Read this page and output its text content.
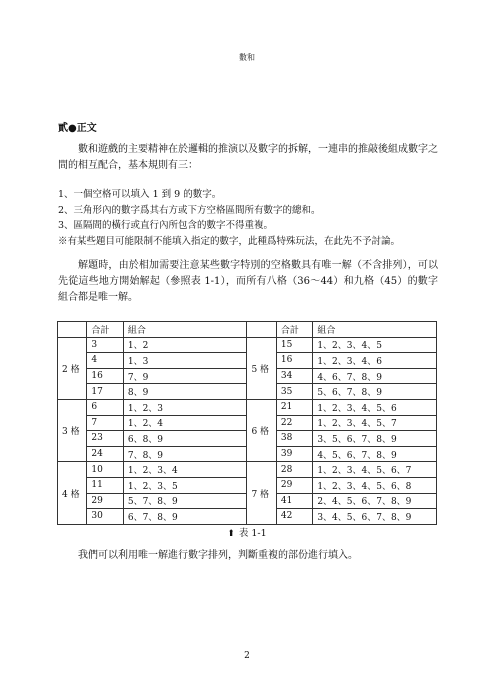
數和
貳●正文

數和遊戲的主要精神在於邏輯的推演以及數字的拆解，一連串的推敲後組成數字之間的相互配合，基本規則有三：

1、一個空格可以填入 1 到 9 的數字。
2、三角形內的數字爲其右方或下方空格區間所有數字的總和。
3、區隔間的橫行或直行內所包含的數字不得重複。
※有某些題目可能限制不能填入指定的數字，此種爲特殊玩法，在此先不予討論。

解題時，由於相加需要注意某些數字特別的空格數具有唯一解（不含排列），可以先從這些地方開始解起（參照表 1-1），而所有八格（36～44）和九格（45）的數字組合都是唯一解。

	合計	組合		合計	組合
2 格	3	1、2	5 格	15	1、2、3、4、5
	4	1、3		16	1、2、3、4、6
	16	7、9		34	4、6、7、8、9
	17	8、9		35	5、6、7、8、9
3 格	6	1、2、3	6 格	21	1、2、3、4、5、6
	7	1、2、4		22	1、2、3、4、5、7
	23	6、8、9		38	3、5、6、7、8、9
	24	7、8、9		39	4、5、6、7、8、9
4 格	10	1、2、3、4	7 格	28	1、2、3、4、5、6、7
	11	1、2、3、5		29	1、2、3、4、5、6、8
	29	5、7、8、9		41	2、4、5、6、7、8、9
	30	6、7、8、9		42	3、4、5、6、7、8、9
⬆ 表 1-1

我們可以利用唯一解進行數字排列，判斷重複的部份進行填入。

2
